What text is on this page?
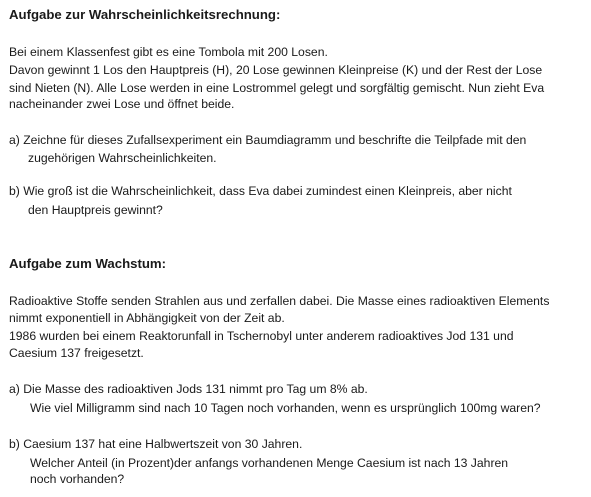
Aufgabe zur Wahrscheinlichkeitsrechnung:

Bei einem Klassenfest gibt es eine Tombola mit 200 Losen.

Davon gewinnt 1 Los den Hauptpreis (H), 20 Lose gewinnen Kleinpreise (K) und der Rest der Lose

sind Nieten (N). Alle Lose werden in eine Lostrommel gelegt und sorgfältig gemischt. Nun zieht Eva

nacheinander zwei Lose und öffnet beide.

a) Zeichne für dieses Zufallsexperiment ein Baumdiagramm und beschrifte die Teilpfade mit den

zugehörigen Wahrscheinlichkeiten.

b) Wie groß ist die Wahrscheinlichkeit, dass Eva dabei zumindest einen Kleinpreis, aber nicht

den Hauptpreis gewinnt?

Aufgabe zum Wachstum:

Radioaktive Stoffe senden Strahlen aus und zerfallen dabei. Die Masse eines radioaktiven Elements

nimmt exponentiell in Abhängigkeit von der Zeit ab.

1986 wurden bei einem Reaktorunfall in Tschernobyl unter anderem radioaktives Jod 131 und

Caesium 137 freigesetzt.

a) Die Masse des radioaktiven Jods 131 nimmt pro Tag um 8% ab.

Wie viel Milligramm sind nach 10 Tagen noch vorhanden, wenn es ursprünglich 100mg waren?

b) Caesium 137 hat eine Halbwertszeit von 30 Jahren.

Welcher Anteil (in Prozent)der anfangs vorhandenen Menge Caesium ist nach 13 Jahren

noch vorhanden?
